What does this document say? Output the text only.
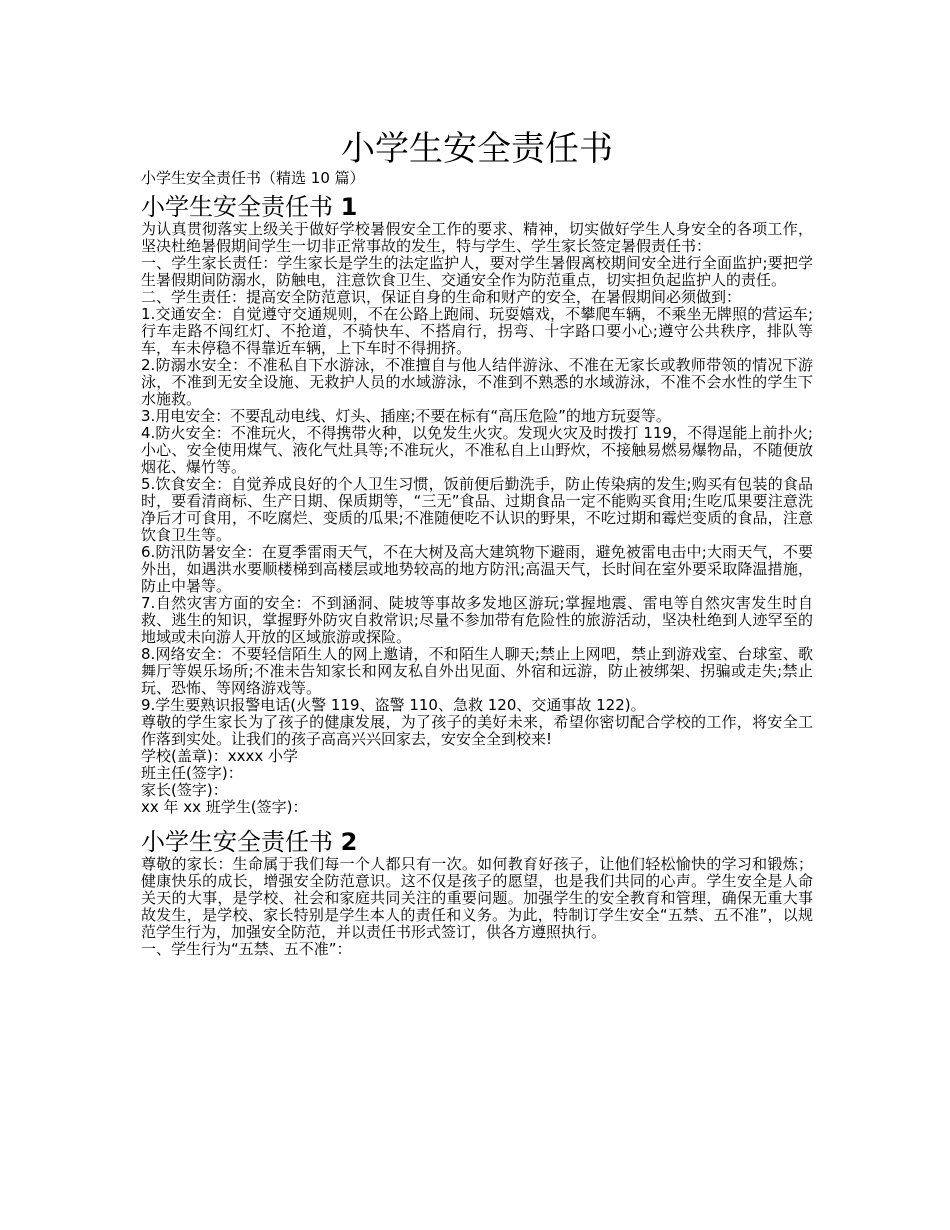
小学生安全责任书

小学生安全责任书（精选 10 篇）

小学生安全责任书 1

为认真贯彻落实上级关于做好学校暑假安全工作的要求、精神，切实做好学生人身安全的各项工作，坚决杜绝暑假期间学生一切非正常事故的发生，特与学生、学生家长签定暑假责任书：

一、学生家长责任：学生家长是学生的法定监护人，要对学生暑假离校期间安全进行全面监护;要把学生暑假期间防溺水，防触电，注意饮食卫生、交通安全作为防范重点，切实担负起监护人的责任。

二、学生责任：提高安全防范意识，保证自身的生命和财产的安全，在暑假期间必须做到：

1.交通安全：自觉遵守交通规则，不在公路上跑闹、玩耍嬉戏，不攀爬车辆，不乘坐无牌照的营运车;行车走路不闯红灯、不抢道，不骑快车、不搭肩行，拐弯、十字路口要小心;遵守公共秩序，排队等车，车未停稳不得靠近车辆，上下车时不得拥挤。

2.防溺水安全：不准私自下水游泳，不准擅自与他人结伴游泳、不准在无家长或教师带领的情况下游泳，不准到无安全设施、无救护人员的水域游泳，不准到不熟悉的水域游泳，不准不会水性的学生下水施救。

3.用电安全：不要乱动电线、灯头、插座;不要在标有“高压危险”的地方玩耍等。

4.防火安全：不准玩火，不得携带火种，以免发生火灾。发现火灾及时拨打 119，不得逞能上前扑火;小心、安全使用煤气、液化气灶具等;不准玩火，不准私自上山野炊，不接触易燃易爆物品，不随便放烟花、爆竹等。

5.饮食安全：自觉养成良好的个人卫生习惯，饭前便后勤洗手，防止传染病的发生;购买有包装的食品时，要看清商标、生产日期、保质期等，“三无”食品、过期食品一定不能购买食用;生吃瓜果要注意洗净后才可食用，不吃腐烂、变质的瓜果;不准随便吃不认识的野果，不吃过期和霉烂变质的食品，注意饮食卫生等。

6.防汛防暑安全：在夏季雷雨天气，不在大树及高大建筑物下避雨，避免被雷电击中;大雨天气，不要外出，如遇洪水要顺楼梯到高楼层或地势较高的地方防汛;高温天气，长时间在室外要采取降温措施，防止中暑等。

7.自然灾害方面的安全：不到涵洞、陡坡等事故多发地区游玩;掌握地震、雷电等自然灾害发生时自救、逃生的知识，掌握野外防灾自救常识;尽量不参加带有危险性的旅游活动，坚决杜绝到人迹罕至的地域或未向游人开放的区域旅游或探险。

8.网络安全：不要轻信陌生人的网上邀请，不和陌生人聊天;禁止上网吧，禁止到游戏室、台球室、歌舞厅等娱乐场所;不准未告知家长和网友私自外出见面、外宿和远游，防止被绑架、拐骗或走失;禁止玩、恐怖、等网络游戏等。

9.学生要熟识报警电话(火警 119、盗警 110、急救 120、交通事故 122)。

尊敬的学生家长为了孩子的健康发展，为了孩子的美好未来，希望你密切配合学校的工作，将安全工作落到实处。让我们的孩子高高兴兴回家去，安安全全到校来!

学校(盖章)：xxxx 小学

班主任(签字)：

家长(签字)：

xx 年 xx 班学生(签字)：

小学生安全责任书 2

尊敬的家长：生命属于我们每一个人都只有一次。如何教育好孩子，让他们轻松愉快的学习和锻炼；健康快乐的成长，增强安全防范意识。这不仅是孩子的愿望，也是我们共同的心声。学生安全是人命关天的大事，是学校、社会和家庭共同关注的重要问题。加强学生的安全教育和管理，确保无重大事故发生，是学校、家长特别是学生本人的责任和义务。为此，特制订学生安全“五禁、五不准”，以规范学生行为，加强安全防范，并以责任书形式签订，供各方遵照执行。

一、学生行为“五禁、五不准”：
